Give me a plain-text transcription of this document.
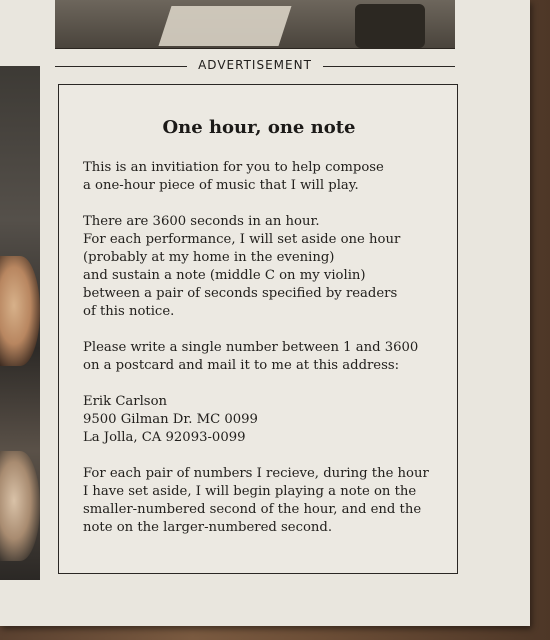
ADVERTISEMENT
One hour, one note
This is an invitiation for you to help compose
a one-hour piece of music that I will play.
There are 3600 seconds in an hour.
For each performance, I will set aside one hour
(probably at my home in the evening)
and sustain a note (middle C on my violin)
between a pair of seconds specified by readers
of this notice.
Please write a single number between 1 and 3600
on a postcard and mail it to me at this address:
Erik Carlson
9500 Gilman Dr. MC 0099
La Jolla, CA 92093-0099
For each pair of numbers I recieve, during the hour
I have set aside, I will begin playing a note on the
smaller-numbered second of the hour, and end the
note on the larger-numbered second.
